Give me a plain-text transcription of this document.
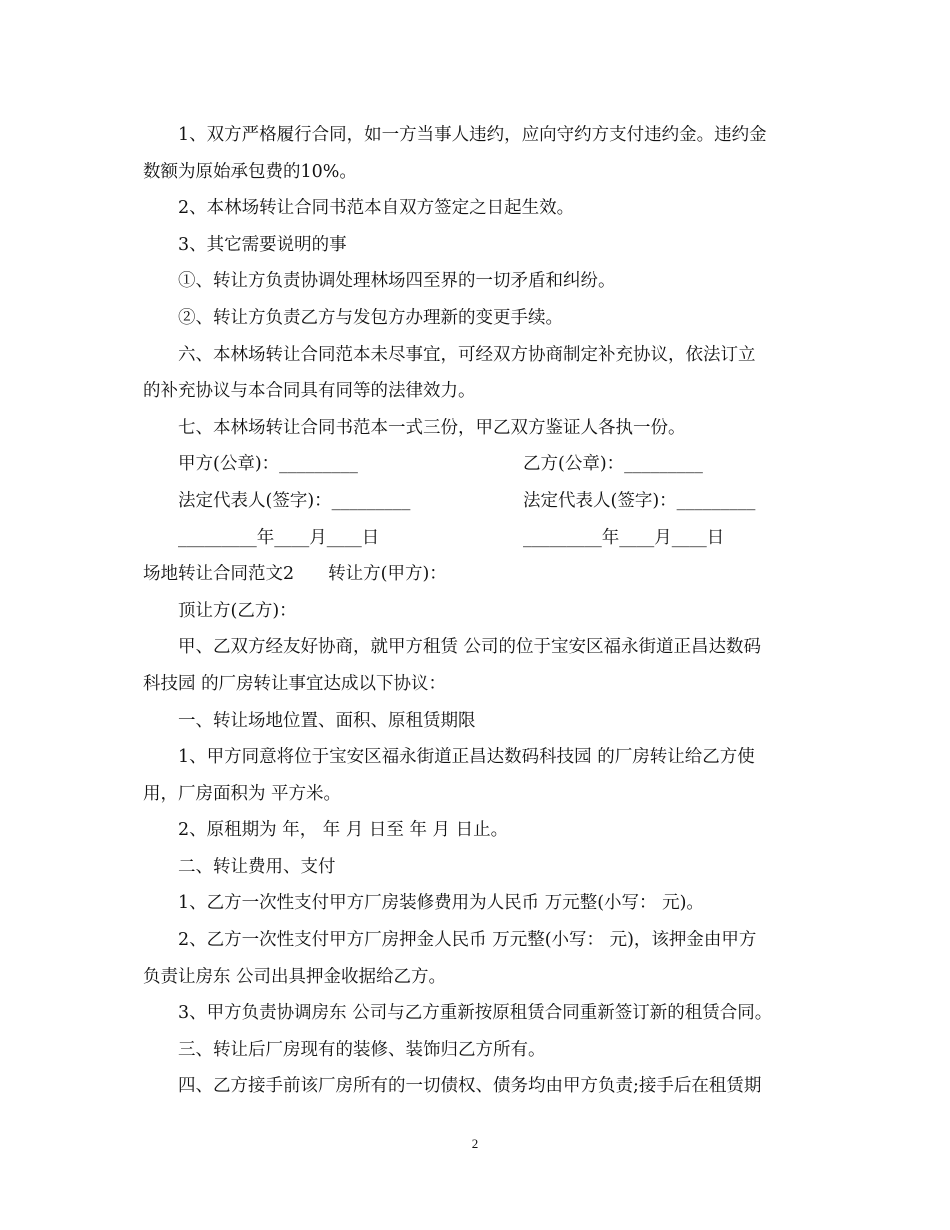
1、双方严格履行合同，如一方当事人违约，应向守约方支付违约金。违约金
数额为原始承包费的10%。
2、本林场转让合同书范本自双方签定之日起生效。
3、其它需要说明的事
①、转让方负责协调处理林场四至界的一切矛盾和纠纷。
②、转让方负责乙方与发包方办理新的变更手续。
六、本林场转让合同范本未尽事宜，可经双方协商制定补充协议，依法订立
的补充协议与本合同具有同等的法律效力。
七、本林场转让合同书范本一式三份，甲乙双方鉴证人各执一份。
甲方(公章)：_________	乙方(公章)：_________
法定代表人(签字)：_________	法定代表人(签字)：_________
_________年____月____日	_________年____月____日
场地转让合同范文2 转让方(甲方)：
顶让方(乙方)：
甲、乙双方经友好协商，就甲方租赁 公司的位于宝安区福永街道正昌达数码
科技园 的厂房转让事宜达成以下协议：
一、转让场地位置、面积、原租赁期限
1、甲方同意将位于宝安区福永街道正昌达数码科技园 的厂房转让给乙方使
用，厂房面积为 平方米。
2、原租期为 年， 年 月 日至 年 月 日止。
二、转让费用、支付
1、乙方一次性支付甲方厂房装修费用为人民币 万元整(小写： 元)。
2、乙方一次性支付甲方厂房押金人民币 万元整(小写： 元)，该押金由甲方
负责让房东 公司出具押金收据给乙方。
3、甲方负责协调房东 公司与乙方重新按原租赁合同重新签订新的租赁合同。
三、转让后厂房现有的装修、装饰归乙方所有。
四、乙方接手前该厂房所有的一切债权、债务均由甲方负责;接手后在租赁期
2
